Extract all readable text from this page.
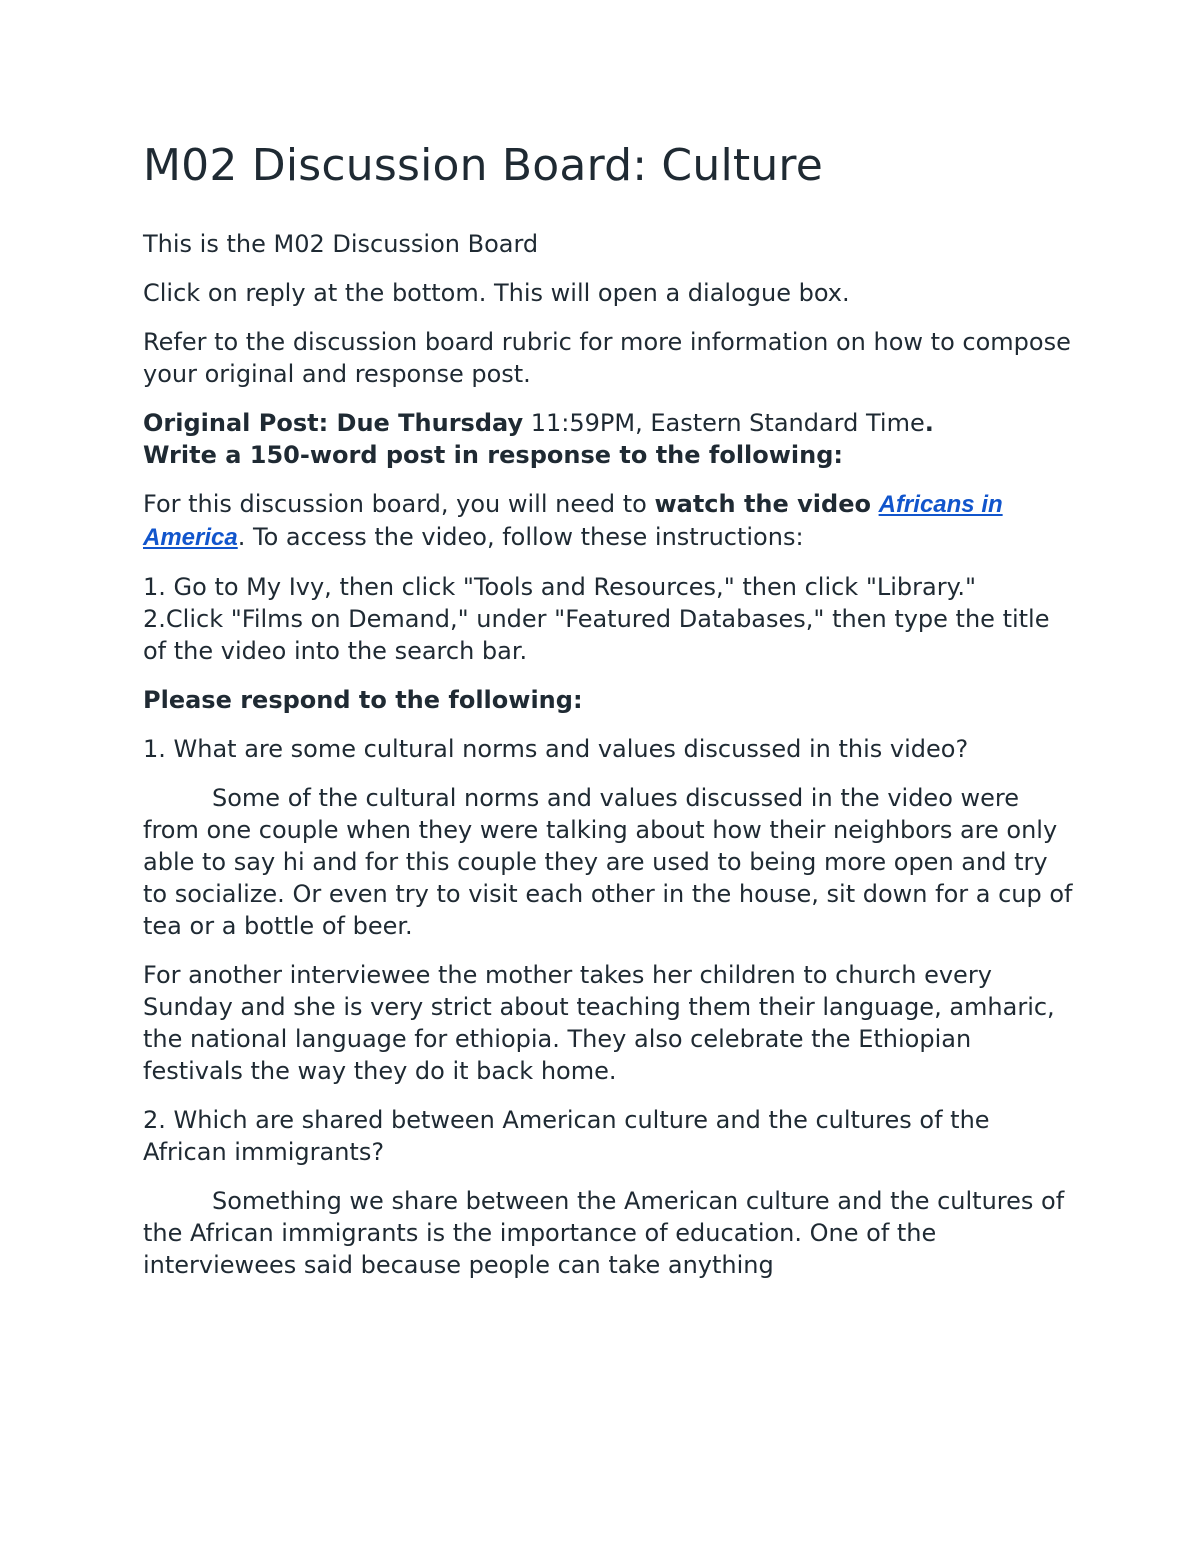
M02 Discussion Board: Culture

This is the M02 Discussion Board

Click on reply at the bottom. This will open a dialogue box.

Refer to the discussion board rubric for more information on how to compose your original and response post.

Original Post: Due Thursday 11:59PM, Eastern Standard Time.
Write a 150-word post in response to the following:

For this discussion board, you will need to watch the video Africans in America. To access the video, follow these instructions:

1. Go to My Ivy, then click "Tools and Resources," then click "Library."
2.Click "Films on Demand," under "Featured Databases," then type the title of the video into the search bar.

Please respond to the following:

1. What are some cultural norms and values discussed in this video?

Some of the cultural norms and values discussed in the video were from one couple when they were talking about how their neighbors are only able to say hi and for this couple they are used to being more open and try to socialize. Or even try to visit each other in the house, sit down for a cup of tea or a bottle of beer.

For another interviewee the mother takes her children to church every Sunday and she is very strict about teaching them their language, amharic, the national language for ethiopia. They also celebrate the Ethiopian festivals the way they do it back home.

2. Which are shared between American culture and the cultures of the African immigrants?

Something we share between the American culture and the cultures of the African immigrants is the importance of education. One of the interviewees said because people can take anything
